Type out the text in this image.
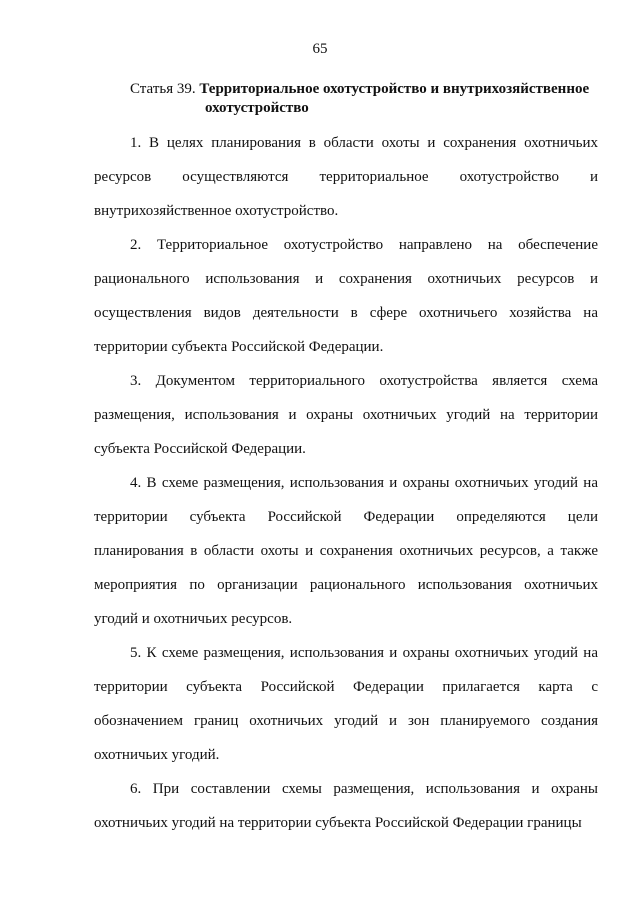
65
Статья 39. Территориальное охотустройство и внутрихозяйственное
охотустройство

1. В целях планирования в области охоты и сохранения охотничьих ресурсов осуществляются территориальное охотустройство и внутрихозяйственное охотустройство.

2. Территориальное охотустройство направлено на обеспечение рационального использования и сохранения охотничьих ресурсов и осуществления видов деятельности в сфере охотничьего хозяйства на территории субъекта Российской Федерации.

3. Документом территориального охотустройства является схема размещения, использования и охраны охотничьих угодий на территории субъекта Российской Федерации.

4. В схеме размещения, использования и охраны охотничьих угодий на территории субъекта Российской Федерации определяются цели планирования в области охоты и сохранения охотничьих ресурсов, а также мероприятия по организации рационального использования охотничьих угодий и охотничьих ресурсов.

5. К схеме размещения, использования и охраны охотничьих угодий на территории субъекта Российской Федерации прилагается карта с обозначением границ охотничьих угодий и зон планируемого создания охотничьих угодий.

6. При составлении схемы размещения, использования и охраны охотничьих угодий на территории субъекта Российской Федерации границы
